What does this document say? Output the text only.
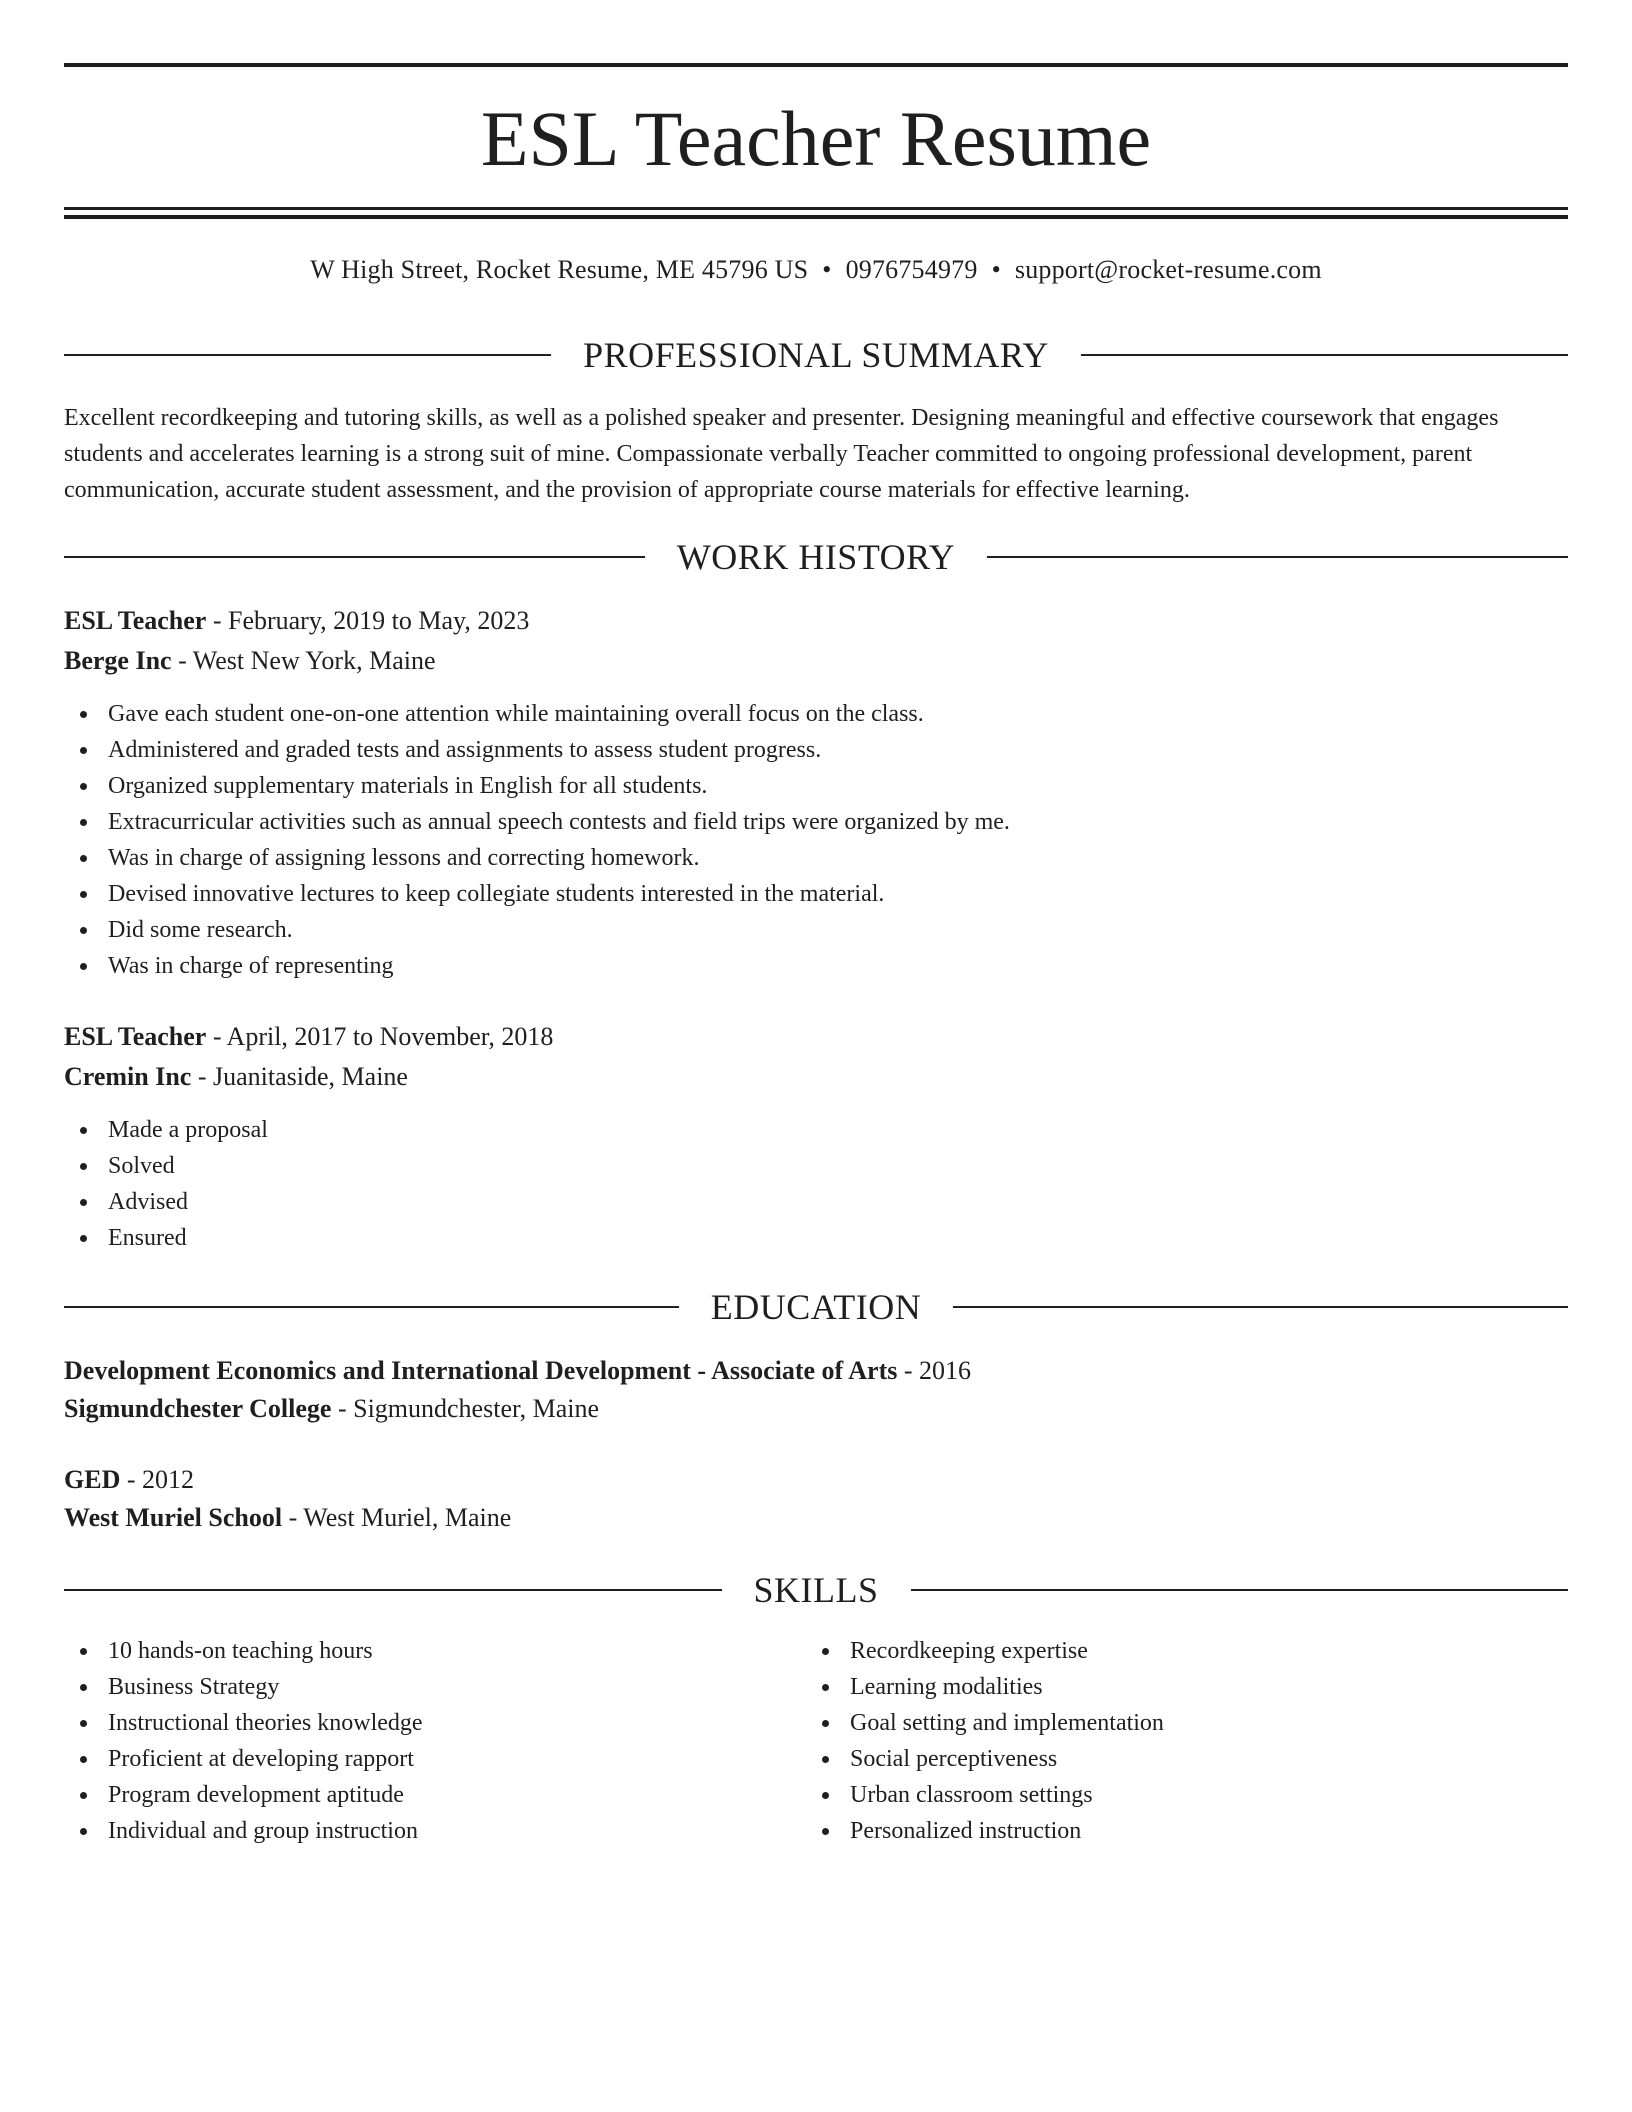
ESL Teacher Resume
W High Street, Rocket Resume, ME 45796 US • 0976754979 • support@rocket-resume.com
PROFESSIONAL SUMMARY
Excellent recordkeeping and tutoring skills, as well as a polished speaker and presenter. Designing meaningful and effective coursework that engages students and accelerates learning is a strong suit of mine. Compassionate verbally Teacher committed to ongoing professional development, parent communication, accurate student assessment, and the provision of appropriate course materials for effective learning.
WORK HISTORY
ESL Teacher - February, 2019 to May, 2023
Berge Inc - West New York, Maine
Gave each student one-on-one attention while maintaining overall focus on the class.
Administered and graded tests and assignments to assess student progress.
Organized supplementary materials in English for all students.
Extracurricular activities such as annual speech contests and field trips were organized by me.
Was in charge of assigning lessons and correcting homework.
Devised innovative lectures to keep collegiate students interested in the material.
Did some research.
Was in charge of representing
ESL Teacher - April, 2017 to November, 2018
Cremin Inc - Juanitaside, Maine
Made a proposal
Solved
Advised
Ensured
EDUCATION
Development Economics and International Development - Associate of Arts - 2016
Sigmundchester College - Sigmundchester, Maine
GED - 2012
West Muriel School - West Muriel, Maine
SKILLS
10 hands-on teaching hours
Business Strategy
Instructional theories knowledge
Proficient at developing rapport
Program development aptitude
Individual and group instruction
Recordkeeping expertise
Learning modalities
Goal setting and implementation
Social perceptiveness
Urban classroom settings
Personalized instruction
